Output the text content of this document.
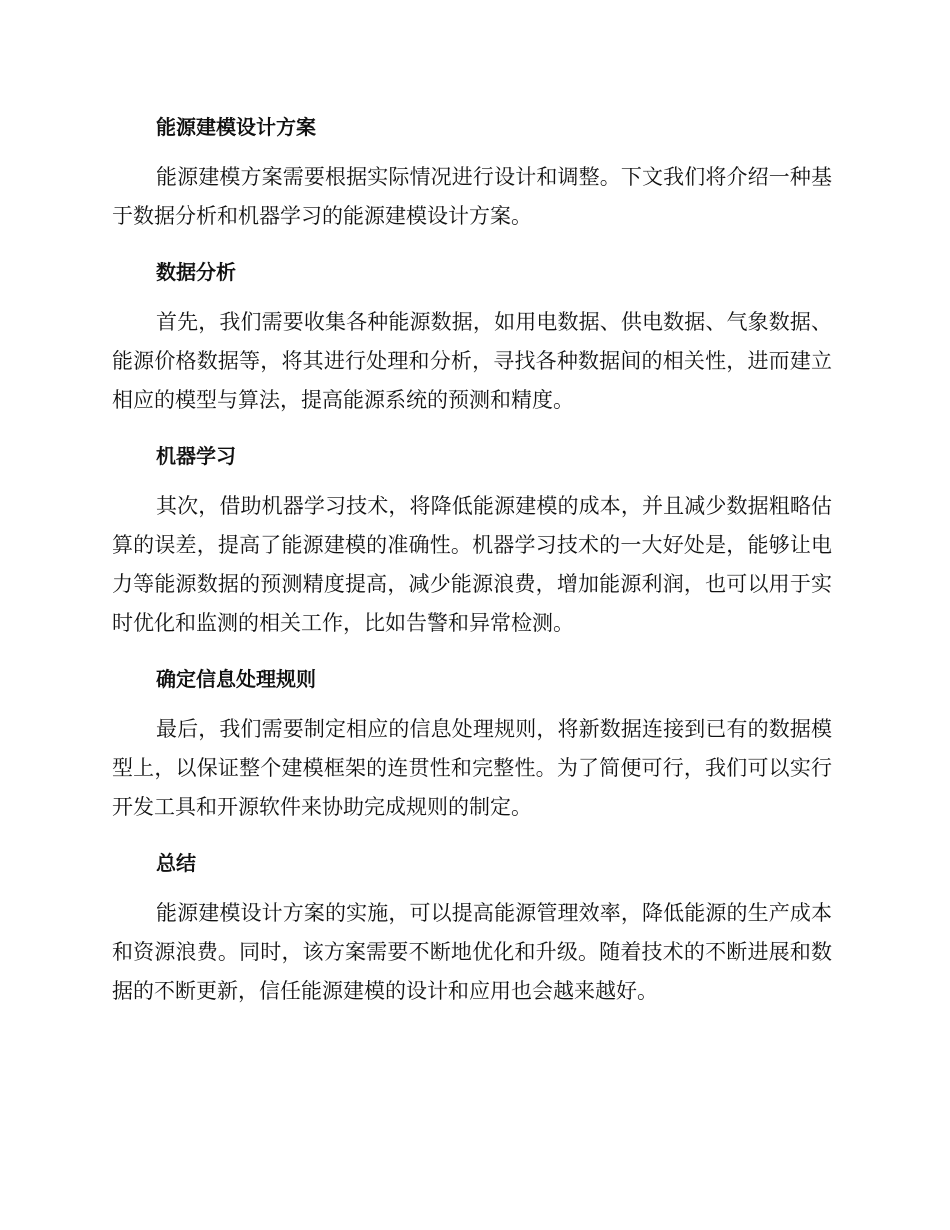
能源建模设计方案

能源建模方案需要根据实际情况进行设计和调整。下文我们将介绍一种基于数据分析和机器学习的能源建模设计方案。

数据分析

首先，我们需要收集各种能源数据，如用电数据、供电数据、气象数据、能源价格数据等，将其进行处理和分析，寻找各种数据间的相关性，进而建立相应的模型与算法，提高能源系统的预测和精度。

机器学习

其次，借助机器学习技术，将降低能源建模的成本，并且减少数据粗略估算的误差，提高了能源建模的准确性。机器学习技术的一大好处是，能够让电力等能源数据的预测精度提高，减少能源浪费，增加能源利润，也可以用于实时优化和监测的相关工作，比如告警和异常检测。

确定信息处理规则

最后，我们需要制定相应的信息处理规则，将新数据连接到已有的数据模型上，以保证整个建模框架的连贯性和完整性。为了简便可行，我们可以实行开发工具和开源软件来协助完成规则的制定。

总结

能源建模设计方案的实施，可以提高能源管理效率，降低能源的生产成本和资源浪费。同时，该方案需要不断地优化和升级。随着技术的不断进展和数据的不断更新，信任能源建模的设计和应用也会越来越好。
